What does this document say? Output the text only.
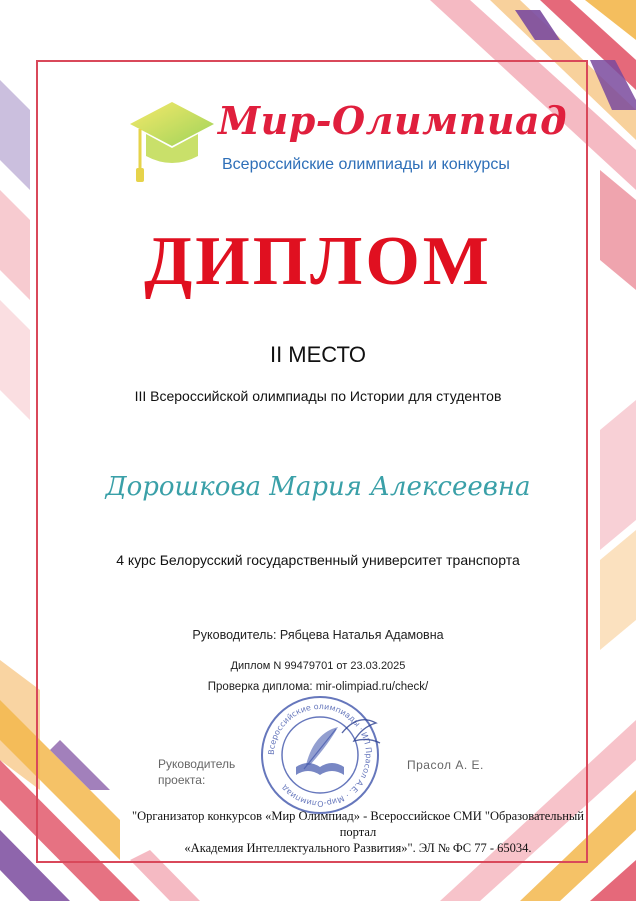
Мир-Олимпиад

Всероссийские олимпиады и конкурсы

ДИПЛОМ

II МЕСТО

III Всероссийской олимпиады по Истории для студентов

Дорошкова Мария Алексеевна

4 курс Белорусский государственный университет транспорта

Руководитель: Рябцева Наталья Адамовна

Диплом N 99479701 от 23.03.2025

Проверка диплома: mir-olimpiad.ru/check/

Всероссийские олимпиады · ИП Прасол А.Е. · Мир-Олимпиад

Руководитель
проекта:

Прасол А. Е.

"Организатор конкурсов «Мир Олимпиад» - Всероссийское СМИ "Образовательный портал
«Академия Интеллектуального Развития»". ЭЛ № ФС 77 - 65034.
